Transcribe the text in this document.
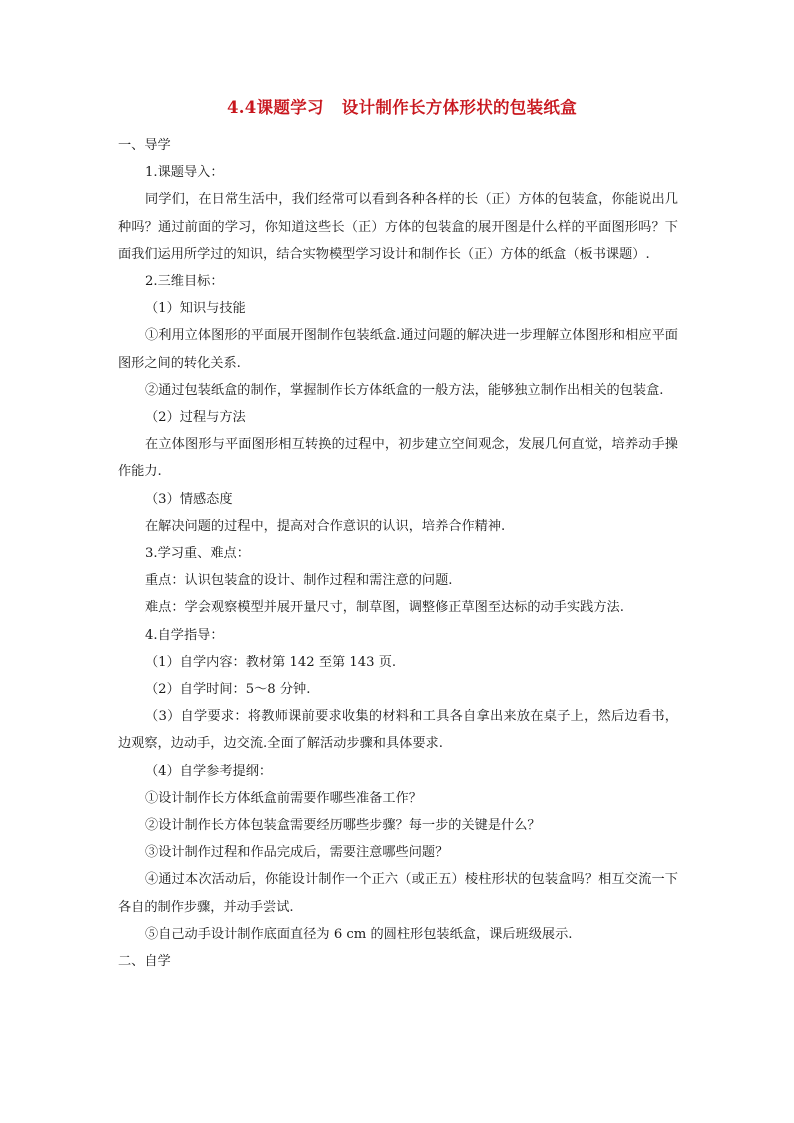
4.4课题学习 设计制作长方体形状的包装纸盒

一、导学

1.课题导入：

同学们，在日常生活中，我们经常可以看到各种各样的长（正）方体的包装盒，你能说出几种吗？通过前面的学习，你知道这些长（正）方体的包装盒的展开图是什么样的平面图形吗？下面我们运用所学过的知识，结合实物模型学习设计和制作长（正）方体的纸盒（板书课题）.

2.三维目标：

（1）知识与技能

①利用立体图形的平面展开图制作包装纸盒.通过问题的解决进一步理解立体图形和相应平面图形之间的转化关系.

②通过包装纸盒的制作，掌握制作长方体纸盒的一般方法，能够独立制作出相关的包装盒.

（2）过程与方法

在立体图形与平面图形相互转换的过程中，初步建立空间观念，发展几何直觉，培养动手操作能力.

（3）情感态度

在解决问题的过程中，提高对合作意识的认识，培养合作精神.

3.学习重、难点：

重点：认识包装盒的设计、制作过程和需注意的问题.

难点：学会观察模型并展开量尺寸，制草图，调整修正草图至达标的动手实践方法.

4.自学指导：

（1）自学内容：教材第 142 至第 143 页.

（2）自学时间：5～8 分钟.

（3）自学要求：将教师课前要求收集的材料和工具各自拿出来放在桌子上，然后边看书，边观察，边动手，边交流.全面了解活动步骤和具体要求.

（4）自学参考提纲：

①设计制作长方体纸盒前需要作哪些准备工作？

②设计制作长方体包装盒需要经历哪些步骤？每一步的关键是什么？

③设计制作过程和作品完成后，需要注意哪些问题？

④通过本次活动后，你能设计制作一个正六（或正五）棱柱形状的包装盒吗？相互交流一下各自的制作步骤，并动手尝试.

⑤自己动手设计制作底面直径为 6 cm 的圆柱形包装纸盒，课后班级展示.

二、自学
